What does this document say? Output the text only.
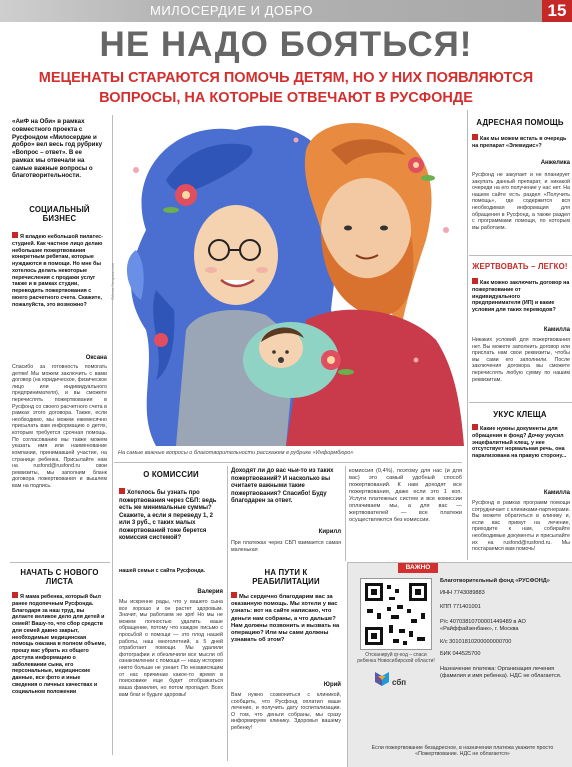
МИЛОСЕРДИЕ И ДОБРО	15
НЕ НАДО БОЯТЬСЯ!
МЕЦЕНАТЫ СТАРАЮТСЯ ПОМОЧЬ ДЕТЯМ, НО У НИХ ПОЯВЛЯЮТСЯ
ВОПРОСЫ, НА КОТОРЫЕ ОТВЕЧАЮТ В РУСФОНДЕ
«АиФ на Оби» в рамках совместного проекта с Русфондом «Милосердие и добро» вел весь год рубрику «Вопрос – ответ». В ее рамках мы отвечали на самые важные вопросы о благотворительности.
СОЦИАЛЬНЫЙ БИЗНЕС
Я владею небольшой пилатес-студией. Как частное лицо делаю небольшие пожертвования конкретным ребятам, которые нуждаются в помощи. Но мне бы хотелось делать некоторые перечисления с продажи услуг также и в рамках студии, переводить пожертвования с моего расчетного счета. Скажите, пожалуйста, это возможно?
Оксана
Спасибо за готовность помогать детям! Мы можем заключить с вами договор (на юридическое, физическое лицо или индивидуального предпринимателя), и вы сможете перечислять пожертвования в Русфонд со своего расчетного счета в рамках этого договора. Также, если необходимо, мы можем ежемесячно присылать вам информацию о детях, которым требуется срочная помощь. По согласованию мы также можем указать имя или наименование компании, принимавшей участие, на странице ребенка. Присылайте нам на rusfond@rusfond.ru свои реквизиты, мы заполним бланк договора пожертвования и вышлем вам на подпись.
НАЧАТЬ С НОВОГО ЛИСТА
Я мама ребенка, который был ранее подопечным Русфонда. Благодаря за наш труд, вы делаете великое дело для детей и семей! Вашу-то, что сбор средств для семей давно закрыт, необходимые медицинская помощь оказана в полном объеме, прошу вас убрать из общего доступа информацию о заболевании сына, его персональные, медицинские данные, все фото и иные сведения о личных качествах и социальном положении
нашей семьи с сайта Русфонда.
Валерия
Мы искренне рады, что у вашего сына все хорошо и он растет здоровым. Значит, мы работаем не зря! Но мы не можем полностью удалить ваше обращение, потому что каждое письмо с просьбой о помощи — это плод нашей работы, наш многолетний, а 5 дней отработает помощи. Мы удалили фотографии и обезличили все мысли об ознакомлении с помощи — нашу историю никто больше не узнает. По независящим от нас причинам какое-то время в поисковике еще будет отображаться ваша фамилия, но потом пропадет. Всех вам благ и будьте здоровы!
©Анна Ганцзюк.com
На самые важные вопросы о благотворительности расскажем в рубрике «Информбюро»
О КОМИССИИ
Хотелось бы узнать про пожертвования через СБП: ведь есть же минимальные суммы? Скажите, а если я переведу 1, 2 или 3 руб., с таких малых пожертвований тоже берется комиссия системой?
Доходят ли до вас чьи-то из таких пожертвований? И насколько вы считаете важными такие пожертвования? Спасибо! Буду благодарен за ответ.
Кирилл
При платежах через СБП взимается самая маленькая
комиссия (0,4%), поэтому для нас (и для вас) это самый удобный способ пожертвований. К нам доходят все пожертвования, даже если это 1 коп. Услуги платежных систем и все комиссии оплачиваем мы, а для вас — жертвователей — все платежи осуществляются без комиссии.
НА ПУТИ К РЕАБИЛИТАЦИИ
Мы сердечно благодарим вас за оказанную помощь. Мы хотели у вас узнать: вот на сайте написано, что деньги нам собраны, а что дальше? Нам должны позвонить и вызвать на операцию? Или мы сами должны узнавать об этом?
Юрий
Вам нужно созвониться с клиникой, сообщить, что Русфонд оплатил ваше лечение, и получить дату госпитализации. О том, что деньги собраны, мы сразу информируем клинику. Здоровья вашему ребенку!
АДРЕСНАЯ ПОМОЩЬ
Как мы можем встать в очередь на препарат «Элевидис»?
Анжелика
Русфонд не закупает и не планирует закупать данный препарат, и никакой очереди на его получение у нас нет. На нашем сайте есть раздел «Получить помощь», где содержится вся необходимая информация для обращения в Русфонд, а также раздел с программами помощи, по которым мы работаем.
ЖЕРТВОВАТЬ – ЛЕГКО!
Как можно заключить договор на пожертвование от индивидуального предпринимателя (ИП) и какие условия для таких переводов?
Камилла
Никаких условий для пожертвования нет. Вы можете заполнить договор или прислать нам свои реквизиты, чтобы мы сами его заполнили. После заключения договора вы сможете перечислять любую сумму по нашим реквизитам.
УКУС КЛЕЩА
Какие нужны документы для обращения в фонд? Дочку укусил энцефалитный клещ, у нее отсутствует нормальная речь, она парализована на правую сторону...
Камилла
Русфонд в рамках программ помощи сотрудничает с клиниками-партнерами. Вы можете обратиться в клинику и, если вас примут на лечение, приходите к нам, собирайте необходимые документы и присылайте их на rusfond@rusfond.ru. Мы постараемся вам помочь!
ВАЖНО
Отсканируй qr-код – спаси ребенка Новосибирской области!
сбп
Благотворительный фонд «РУСФОНД»
ИНН 7743089883
КПП 771401001
Р/с 40703810700001449489 в АО «Райффайзенбанк», г. Москва
К/с 30101810200000000700
БИК 044525700
Назначение платежа: Организация лечения (фамилия и имя ребенка). НДС не облагается.
Если пожертвование безадресное, в назначении платежа укажите просто «Пожертвование. НДС не облагается»
